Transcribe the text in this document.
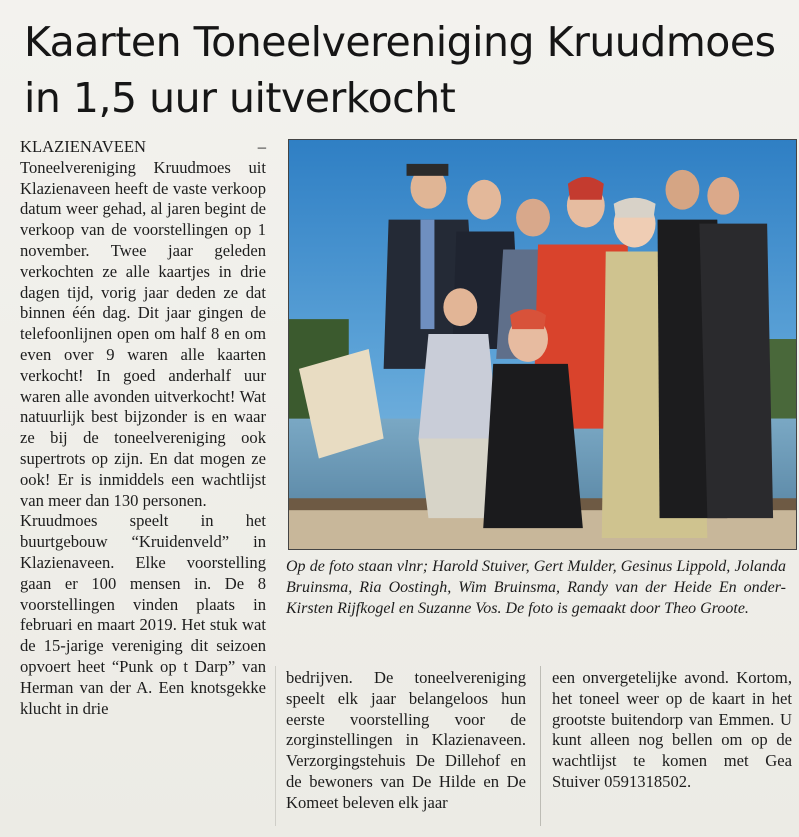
Kaarten Toneelvereniging Kruudmoes
in 1,5 uur uitverkocht

KLAZIENAVEEN – Toneelvereniging Kruudmoes uit Klazienaveen heeft de vaste verkoop datum weer gehad, al jaren begint de verkoop van de voorstellingen op 1 november. Twee jaar geleden verkochten ze alle kaartjes in drie dagen tijd, vorig jaar deden ze dat binnen één dag. Dit jaar gingen de telefoonlijnen open om half 8 en om even over 9 waren alle kaarten verkocht! In goed anderhalf uur waren alle avonden uitverkocht! Wat natuurlijk best bijzonder is en waar ze bij de toneelvereniging ook supertrots op zijn. En dat mogen ze ook! Er is inmiddels een wachtlijst van meer dan 130 personen.

Kruudmoes speelt in het buurtgebouw “Kruidenveld” in Klazienaveen. Elke voorstelling gaan er 100 mensen in. De 8 voorstellingen vinden plaats in februari en maart 2019. Het stuk wat de 15-jarige vereniging dit seizoen opvoert heet “Punk op t Darp” van Herman van der A. Een knotsgekke klucht in drie

Op de foto staan vlnr; Harold Stuiver, Gert Mulder, Gesinus Lippold, Jolanda Bruinsma, Ria Oostingh, Wim Bruinsma, Randy van der Heide En onder- Kirsten Rijfkogel en Suzanne Vos. De foto is gemaakt door Theo Groote.

bedrijven. De toneelvereniging speelt elk jaar belangeloos hun eerste voorstelling voor de zorginstellingen in Klazienaveen. Verzorgingstehuis De Dillehof en de bewoners van De Hilde en De Komeet beleven elk jaar

een onvergetelijke avond. Kortom, het toneel weer op de kaart in het grootste buitendorp van Emmen. U kunt alleen nog bellen om op de wachtlijst te komen met Gea Stuiver 0591318502.
